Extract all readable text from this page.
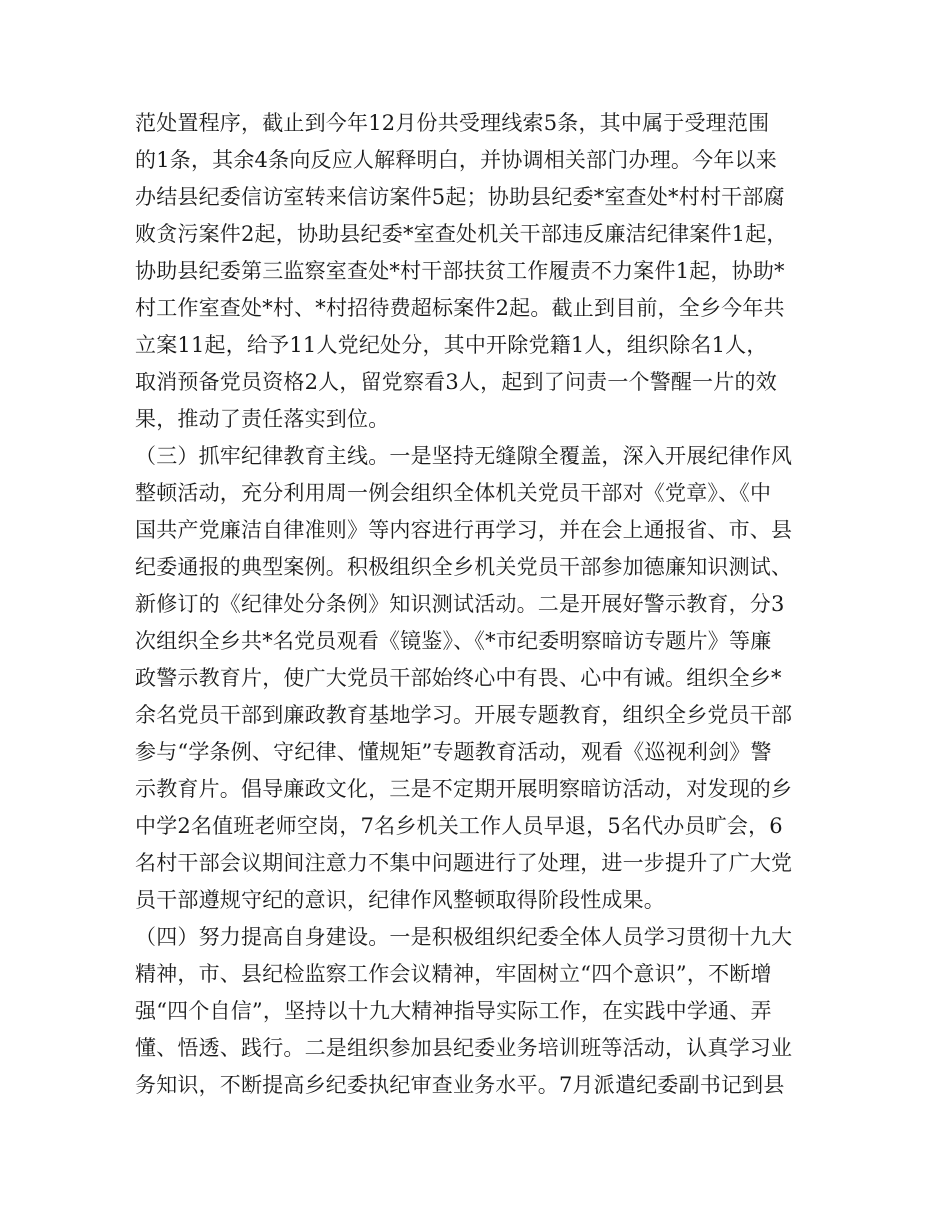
范处置程序，截止到今年12月份共受理线索5条，其中属于受理范围
的1条，其余4条向反应人解释明白，并协调相关部门办理。今年以来
办结县纪委信访室转来信访案件5起；协助县纪委*室查处*村村干部腐
败贪污案件2起，协助县纪委*室查处机关干部违反廉洁纪律案件1起，
协助县纪委第三监察室查处*村干部扶贫工作履责不力案件1起，协助*
村工作室查处*村、*村招待费超标案件2起。截止到目前，全乡今年共
立案11起，给予11人党纪处分，其中开除党籍1人，组织除名1人，
取消预备党员资格2人，留党察看3人，起到了问责一个警醒一片的效
果，推动了责任落实到位。
（三）抓牢纪律教育主线。一是坚持无缝隙全覆盖，深入开展纪律作风
整顿活动，充分利用周一例会组织全体机关党员干部对《党章》、《中
国共产党廉洁自律准则》等内容进行再学习，并在会上通报省、市、县
纪委通报的典型案例。积极组织全乡机关党员干部参加德廉知识测试、
新修订的《纪律处分条例》知识测试活动。二是开展好警示教育，分3
次组织全乡共*名党员观看《镜鉴》、《*市纪委明察暗访专题片》等廉
政警示教育片，使广大党员干部始终心中有畏、心中有诫。组织全乡*
余名党员干部到廉政教育基地学习。开展专题教育，组织全乡党员干部
参与“学条例、守纪律、懂规矩”专题教育活动，观看《巡视利剑》警
示教育片。倡导廉政文化，三是不定期开展明察暗访活动，对发现的乡
中学2名值班老师空岗，7名乡机关工作人员早退，5名代办员旷会，6
名村干部会议期间注意力不集中问题进行了处理，进一步提升了广大党
员干部遵规守纪的意识，纪律作风整顿取得阶段性成果。
（四）努力提高自身建设。一是积极组织纪委全体人员学习贯彻十九大
精神，市、县纪检监察工作会议精神，牢固树立“四个意识”，不断增
强“四个自信”，坚持以十九大精神指导实际工作，在实践中学通、弄
懂、悟透、践行。二是组织参加县纪委业务培训班等活动，认真学习业
务知识，不断提高乡纪委执纪审查业务水平。7月派遣纪委副书记到县
